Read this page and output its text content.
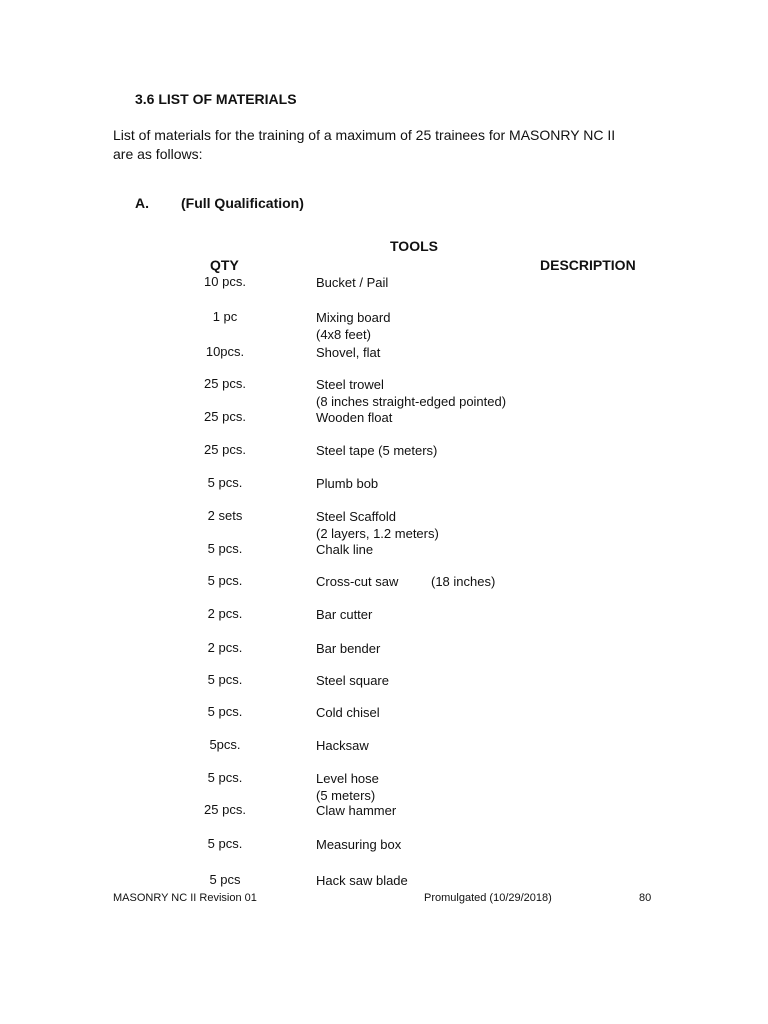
3.6 LIST OF MATERIALS
List of materials for the training of a maximum of 25 trainees for MASONRY NC II
are as follows:
A. (Full Qualification)
TOOLS
QTY	DESCRIPTION
10 pcs.	Bucket / Pail
1 pc	Mixing board
(4x8 feet)
10pcs.	Shovel, flat
25 pcs.	Steel trowel
(8 inches straight-edged pointed)
25 pcs.	Wooden float
25 pcs.	Steel tape (5 meters)
5 pcs.	Plumb bob
2 sets	Steel Scaffold
(2 layers, 1.2 meters)
5 pcs.	Chalk line
5 pcs.	Cross-cut saw	(18 inches)
2 pcs.	Bar cutter
2 pcs.	Bar bender
5 pcs.	Steel square
5 pcs.	Cold chisel
5pcs.	Hacksaw
5 pcs.	Level hose
(5 meters)
25 pcs.	Claw hammer
5 pcs.	Measuring box
5 pcs	Hack saw blade
MASONRY NC II Revision 01	Promulgated (10/29/2018)	80
